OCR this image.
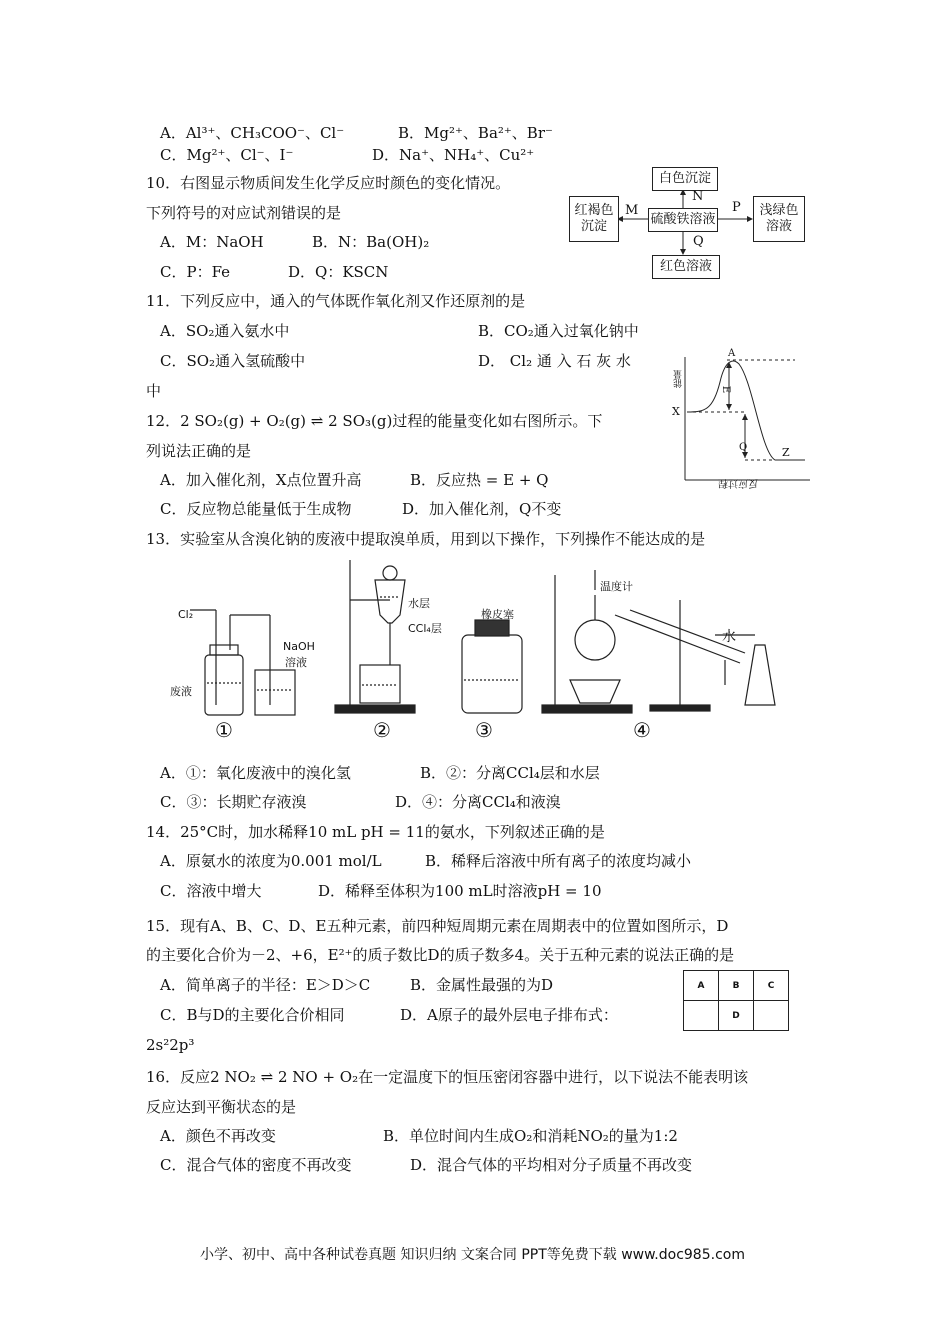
A．Al³⁺、CH₃COO⁻、Cl⁻	B．Mg²⁺、Ba²⁺、Br⁻
C．Mg²⁺、Cl⁻、I⁻	D．Na⁺、NH₄⁺、Cu²⁺
10．右图显示物质间发生化学反应时颜色的变化情况。
下列符号的对应试剂错误的是
A．M：NaOH	B．N：Ba(OH)₂
C．P：Fe	D．Q：KSCN
白色沉淀
红褐色沉淀	硫酸铁溶液
浅绿色溶液
红色溶液
M
N
P
Q
11．下列反应中，通入的气体既作氧化剂又作还原剂的是
A．SO₂通入氨水中	B．CO₂通入过氧化钠中
C．SO₂通入氢硫酸中	D． Cl₂ 通 入 石 灰 水
中
12．2 SO₂(g) + O₂(g) ⇌ 2 SO₃(g)过程的能量变化如右图所示。下
列说法正确的是
A．加入催化剂，X点位置升高	B．反应热 = E + Q
C．反应物总能量低于生成物	D．加入催化剂，Q不变
能量
反应过程
A
X
Z
E
Q
13．实验室从含溴化钠的废液中提取溴单质，用到以下操作，下列操作不能达成的是
Cl₂
NaOH
溶液
废液
水层
CCl₄层
橡皮塞
温度计
水
①	②	③	④
A．①：氧化废液中的溴化氢	B．②：分离CCl₄层和水层
C．③：长期贮存液溴	D．④：分离CCl₄和液溴
14．25°C时，加水稀释10 mL pH = 11的氨水，下列叙述正确的是
A．原氨水的浓度为0.001 mol/L	B．稀释后溶液中所有离子的浓度均减小
C．溶液中增大	D．稀释至体积为100 mL时溶液pH = 10
15．现有A、B、C、D、E五种元素，前四种短周期元素在周期表中的位置如图所示，D
的主要化合价为－2、+6，E²⁺的质子数比D的质子数多4。关于五种元素的说法正确的是
A．简单离子的半径：E＞D＞C	B．金属性最强的为D
C．B与D的主要化合价相同	D．A原子的最外层电子排布式：
2s²2p³
A	B	C
	D	
16．反应2 NO₂ ⇌ 2 NO + O₂在一定温度下的恒压密闭容器中进行，以下说法不能表明该
反应达到平衡状态的是
A．颜色不再改变	B．单位时间内生成O₂和消耗NO₂的量为1:2
C．混合气体的密度不再改变	D．混合气体的平均相对分子质量不再改变
小学、初中、高中各种试卷真题 知识归纳 文案合同 PPT等免费下载 www.doc985.com
